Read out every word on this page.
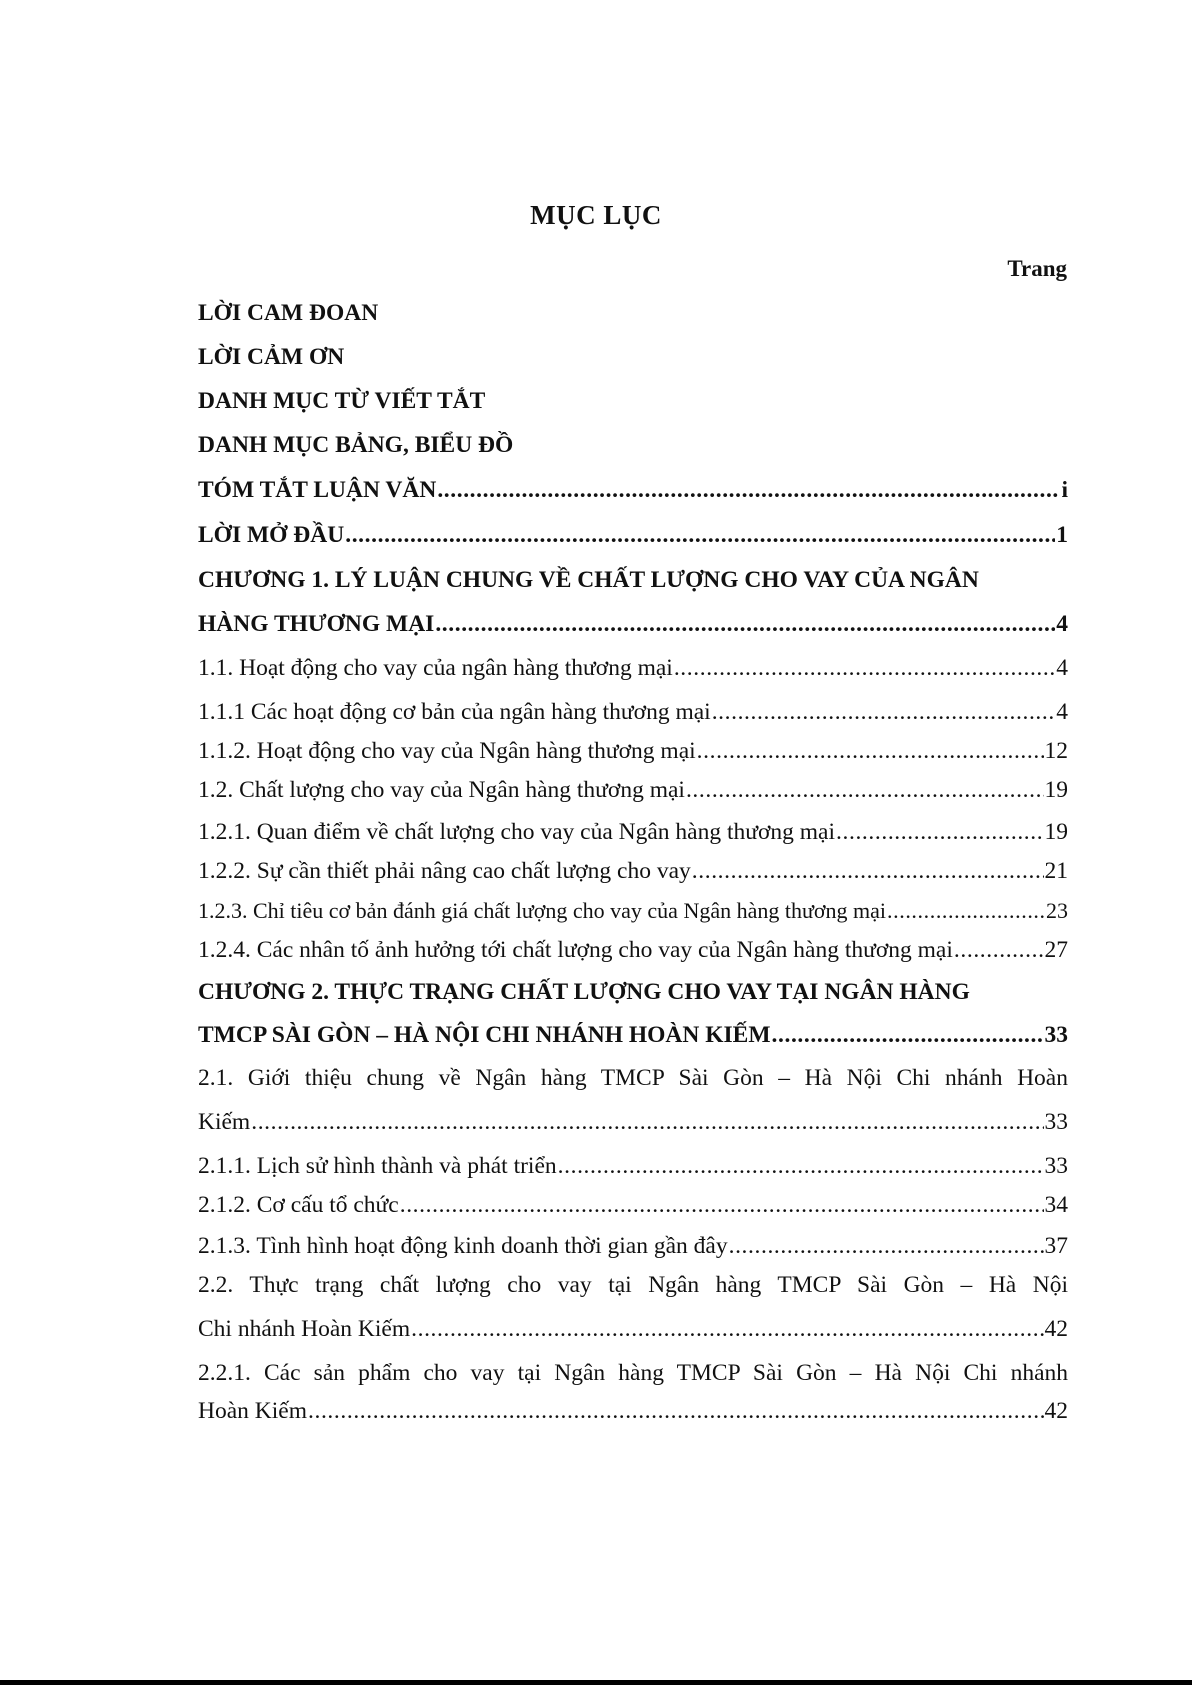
MỤC LỤC
Trang
LỜI CAM ĐOAN
LỜI CẢM ƠN
DANH MỤC TỪ VIẾT TẮT
DANH MỤC BẢNG, BIỂU ĐỒ
TÓM TẮT LUẬN VĂN .....	i
LỜI MỞ ĐẦU .....	1
CHƯƠNG 1. LÝ LUẬN CHUNG VỀ CHẤT LƯỢNG CHO VAY CỦA NGÂN
HÀNG THƯƠNG MẠI .....	4
1.1. Hoạt động cho vay của ngân hàng thương mại .....	4
1.1.1 Các hoạt động cơ bản của ngân hàng thương mại .....	4
1.1.2. Hoạt động cho vay của Ngân hàng thương mại .....	12
1.2. Chất lượng cho vay của Ngân hàng thương mại .....	19
1.2.1. Quan điểm về chất lượng cho vay của Ngân hàng thương mại .....	19
1.2.2. Sự cần thiết phải nâng cao chất lượng cho vay .....	21
1.2.3. Chỉ tiêu cơ bản đánh giá chất lượng cho vay của Ngân hàng thương mại .....	23
1.2.4. Các nhân tố ảnh hưởng tới chất lượng cho vay của Ngân hàng thương mại .....	27
CHƯƠNG 2. THỰC TRẠNG CHẤT LƯỢNG CHO VAY TẠI NGÂN HÀNG
TMCP SÀI GÒN – HÀ NỘI CHI NHÁNH HOÀN KIẾM .....	33
2.1. Giới thiệu chung về Ngân hàng TMCP Sài Gòn – Hà Nội Chi nhánh Hoàn
Kiếm .....	33
2.1.1. Lịch sử hình thành và phát triển .....	33
2.1.2. Cơ cấu tổ chức .....	34
2.1.3. Tình hình hoạt động kinh doanh thời gian gần đây .....	37
2.2. Thực trạng chất lượng cho vay tại Ngân hàng TMCP Sài Gòn – Hà Nội
Chi nhánh Hoàn Kiếm .....	42
2.2.1. Các sản phẩm cho vay tại Ngân hàng TMCP Sài Gòn – Hà Nội Chi nhánh
Hoàn Kiếm .....	42
